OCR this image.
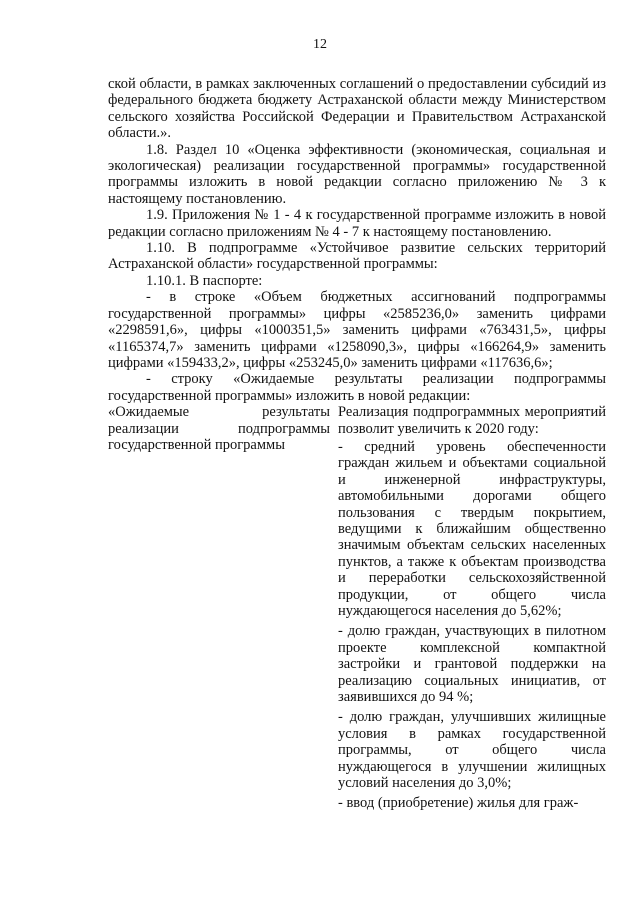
12

ской области, в рамках заключенных соглашений о предоставлении субсидий из федерального бюджета бюджету Астраханской области между Министерством сельского хозяйства Российской Федерации и Правительством Астраханской области.».

1.8. Раздел 10 «Оценка эффективности (экономическая, социальная и экологическая) реализации государственной программы» государственной программы изложить в новой редакции согласно приложению № 3 к настоящему постановлению.

1.9. Приложения № 1 - 4 к государственной программе изложить в новой редакции согласно приложениям № 4 - 7 к настоящему постановлению.

1.10. В подпрограмме «Устойчивое развитие сельских территорий Астраханской области» государственной программы:

1.10.1. В паспорте:

- в строке «Объем бюджетных ассигнований подпрограммы государственной программы» цифры «2585236,0» заменить цифрами «2298591,6», цифры «1000351,5» заменить цифрами «763431,5», цифры «1165374,7» заменить цифрами «1258090,3», цифры «166264,9» заменить цифрами «159433,2», цифры «253245,0» заменить цифрами «117636,6»;

- строку «Ожидаемые результаты реализации подпрограммы государственной программы» изложить в новой редакции:

«Ожидаемые результаты реализации подпрограммы государственной программы

Реализация подпрограммных мероприятий позволит увеличить к 2020 году:

- средний уровень обеспеченности граждан жильем и объектами социальной и инженерной инфраструктуры, автомобильными дорогами общего пользования с твердым покрытием, ведущими к ближайшим общественно значимым объектам сельских населенных пунктов, а также к объектам производства и переработки сельскохозяйственной продукции, от общего числа нуждающегося населения до 5,62%;

- долю граждан, участвующих в пилотном проекте комплексной компактной застройки и грантовой поддержки на реализацию социальных инициатив, от заявившихся до 94 %;

- долю граждан, улучшивших жилищные условия в рамках государственной программы, от общего числа нуждающегося в улучшении жилищных условий населения до 3,0%;

- ввод (приобретение) жилья для граж-
